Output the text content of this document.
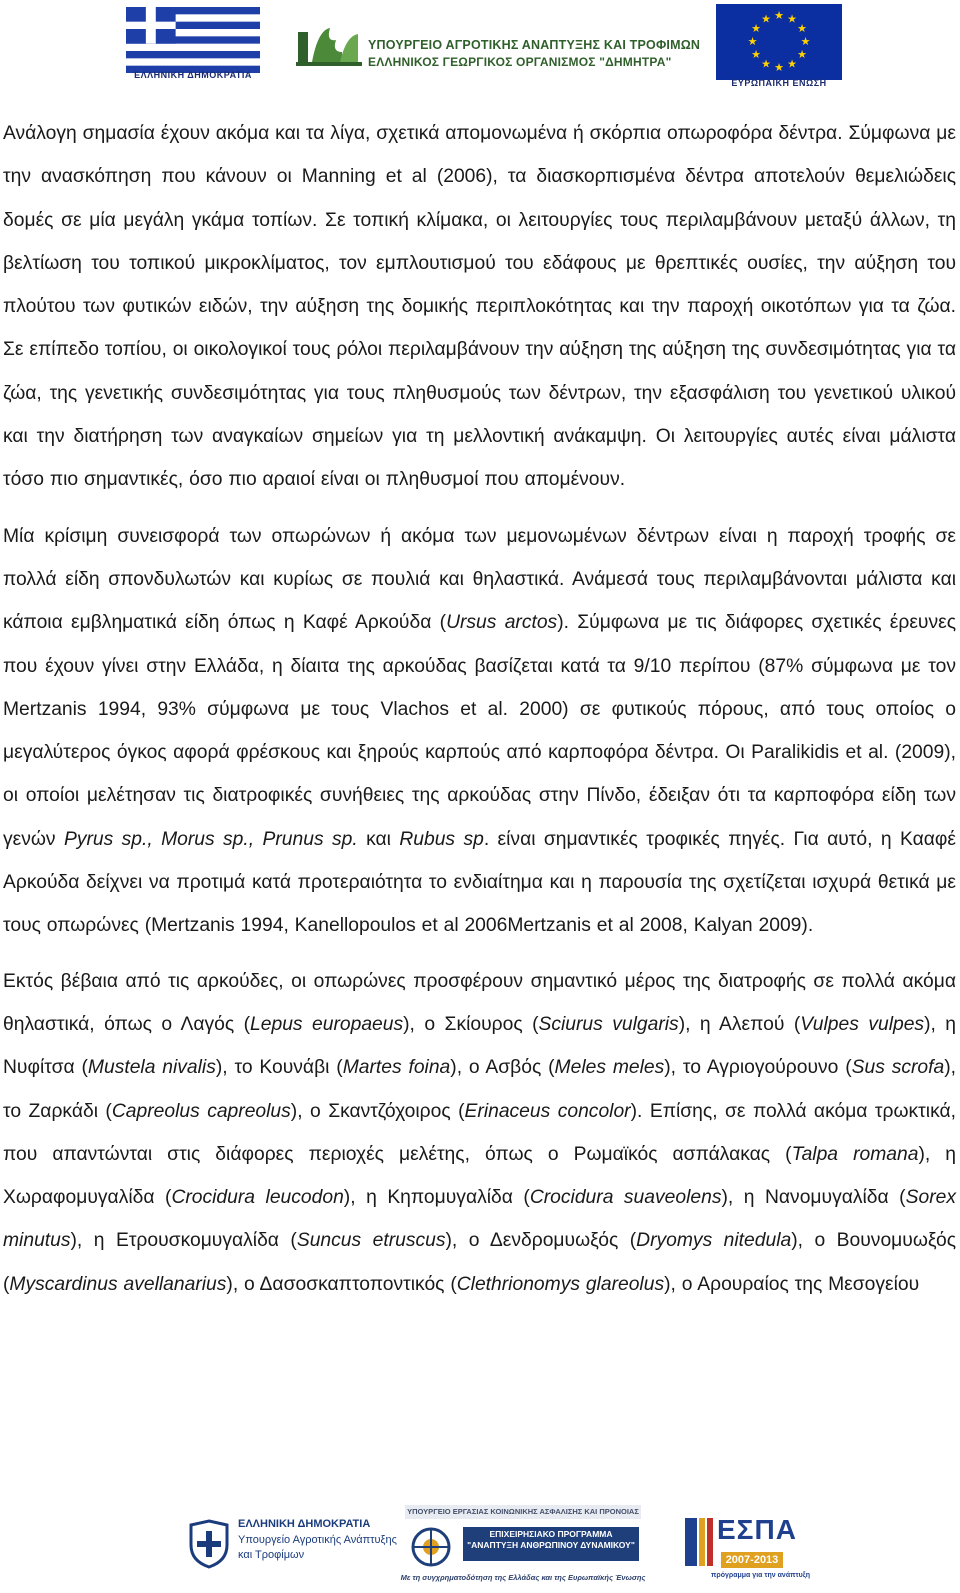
ΕΛΛΗΝΙΚΗ ΔΗΜΟΚΡΑΤΙΑ
ΥΠΟΥΡΓΕΙΟ ΑΓΡΟΤΙΚΗΣ ΑΝΑΠΤΥΞΗΣ ΚΑΙ ΤΡΟΦΙΜΩΝ
ΕΛΛΗΝΙΚΟΣ ΓΕΩΡΓΙΚΟΣ ΟΡΓΑΝΙΣΜΟΣ "ΔΗΜΗΤΡΑ"
★ ★
★
★
★
★
★
★
★
★
★
★
ΕΥΡΩΠΑΪΚΗ ΕΝΩΣΗ

Ανάλογη σημασία έχουν ακόμα και τα λίγα, σχετικά απομονωμένα ή σκόρπια οπωροφόρα δέντρα. Σύμφωνα με την ανασκόπηση που κάνουν οι Manning et al (2006), τα διασκορπισμένα δέντρα αποτελούν θεμελιώδεις δομές σε μία μεγάλη γκάμα τοπίων. Σε τοπική κλίμακα, οι λειτουργίες τους περιλαμβάνουν μεταξύ άλλων, τη βελτίωση του τοπικού μικροκλίματος, τον εμπλουτισμού του εδάφους με θρεπτικές ουσίες, την αύξηση του πλούτου των φυτικών ειδών, την αύξηση της δομικής περιπλοκότητας και την παροχή οικοτόπων για τα ζώα. Σε επίπεδο τοπίου, οι οικολογικοί τους ρόλοι περιλαμβάνουν την αύξηση της αύξηση της συνδεσιμότητας για τα ζώα, της γενετικής συνδεσιμότητας για τους πληθυσμούς των δέντρων, την εξασφάλιση του γενετικού υλικού και την διατήρηση των αναγκαίων σημείων για τη μελλοντική ανάκαμψη. Οι λειτουργίες αυτές είναι μάλιστα τόσο πιο σημαντικές, όσο πιο αραιοί είναι οι πληθυσμοί που απομένουν.

Μία κρίσιμη συνεισφορά των οπωρώνων ή ακόμα των μεμονωμένων δέντρων είναι η παροχή τροφής σε πολλά είδη σπονδυλωτών και κυρίως σε πουλιά και θηλαστικά. Ανάμεσά τους περιλαμβάνονται μάλιστα και κάποια εμβληματικά είδη όπως η Καφέ Αρκούδα (Ursus arctos). Σύμφωνα με τις διάφορες σχετικές έρευνες που έχουν γίνει στην Ελλάδα, η δίαιτα της αρκούδας βασίζεται κατά τα 9/10 περίπου (87% σύμφωνα με τον Mertzanis 1994, 93% σύμφωνα με τους Vlachos et al. 2000) σε φυτικούς πόρους, από τους οποίος ο μεγαλύτερος όγκος αφορά φρέσκους και ξηρούς καρπούς από καρποφόρα δέντρα. Οι Paralikidis et al. (2009), οι οποίοι μελέτησαν τις διατροφικές συνήθειες της αρκούδας στην Πίνδο, έδειξαν ότι τα καρποφόρα είδη των γενών Pyrus sp., Morus sp., Prunus sp. και Rubus sp. είναι σημαντικές τροφικές πηγές. Για αυτό, η Κααφέ Αρκούδα δείχνει να προτιμά κατά προτεραιότητα το ενδιαίτημα και η παρουσία της σχετίζεται ισχυρά θετικά με τους οπωρώνες (Mertzanis 1994, Kanellopoulos et al 2006Mertzanis et al 2008, Kalyan 2009).

Εκτός βέβαια από τις αρκούδες, οι οπωρώνες προσφέρουν σημαντικό μέρος της διατροφής σε πολλά ακόμα θηλαστικά, όπως ο Λαγός (Lepus europaeus), ο Σκίουρος (Sciurus vulgaris), η Αλεπού (Vulpes vulpes), η Νυφίτσα (Mustela nivalis), το Κουνάβι (Martes foina), ο Ασβός (Meles meles), το Αγριογούρουνο (Sus scrofa), το Ζαρκάδι (Capreolus capreolus), ο Σκαντζόχοιρος (Erinaceus concolor). Επίσης, σε πολλά ακόμα τρωκτικά, που απαντώνται στις διάφορες περιοχές μελέτης, όπως ο Ρωμαϊκός ασπάλακας (Talpa romana), η Χωραφομυγαλίδα (Crocidura leucodon), η Κηπομυγαλίδα (Crocidura suaveolens), η Νανομυγαλίδα (Sorex minutus), η Ετρουσκομυγαλίδα (Suncus etruscus), ο Δενδρομυωξός (Dryomys nitedula), ο Βουνομυωξός (Myscardinus avellanarius), ο Δασοσκαπτοποντικός (Clethrionomys glareolus), ο Αρουραίος της Μεσογείου

ΕΛΛΗΝΙΚΗ ΔΗΜΟΚΡΑΤΙΑ
Υπουργείο Αγροτικής Ανάπτυξης
και Τροφίμων
ΥΠΟΥΡΓΕΙΟ ΕΡΓΑΣΙΑΣ ΚΟΙΝΩΝΙΚΗΣ ΑΣΦΑΛΙΣΗΣ ΚΑΙ ΠΡΟΝΟΙΑΣ
ΕΠΙΧΕΙΡΗΣΙΑΚΟ ΠΡΟΓΡΑΜΜΑ "ΑΝΑΠΤΥΞΗ ΑΝΘΡΩΠΙΝΟΥ ΔΥΝΑΜΙΚΟΥ"
Με τη συγχρηματοδότηση της Ελλάδας και της Ευρωπαϊκής Ένωσης
ΕΣΠΑ
2007-2013
πρόγραμμα για την ανάπτυξη
